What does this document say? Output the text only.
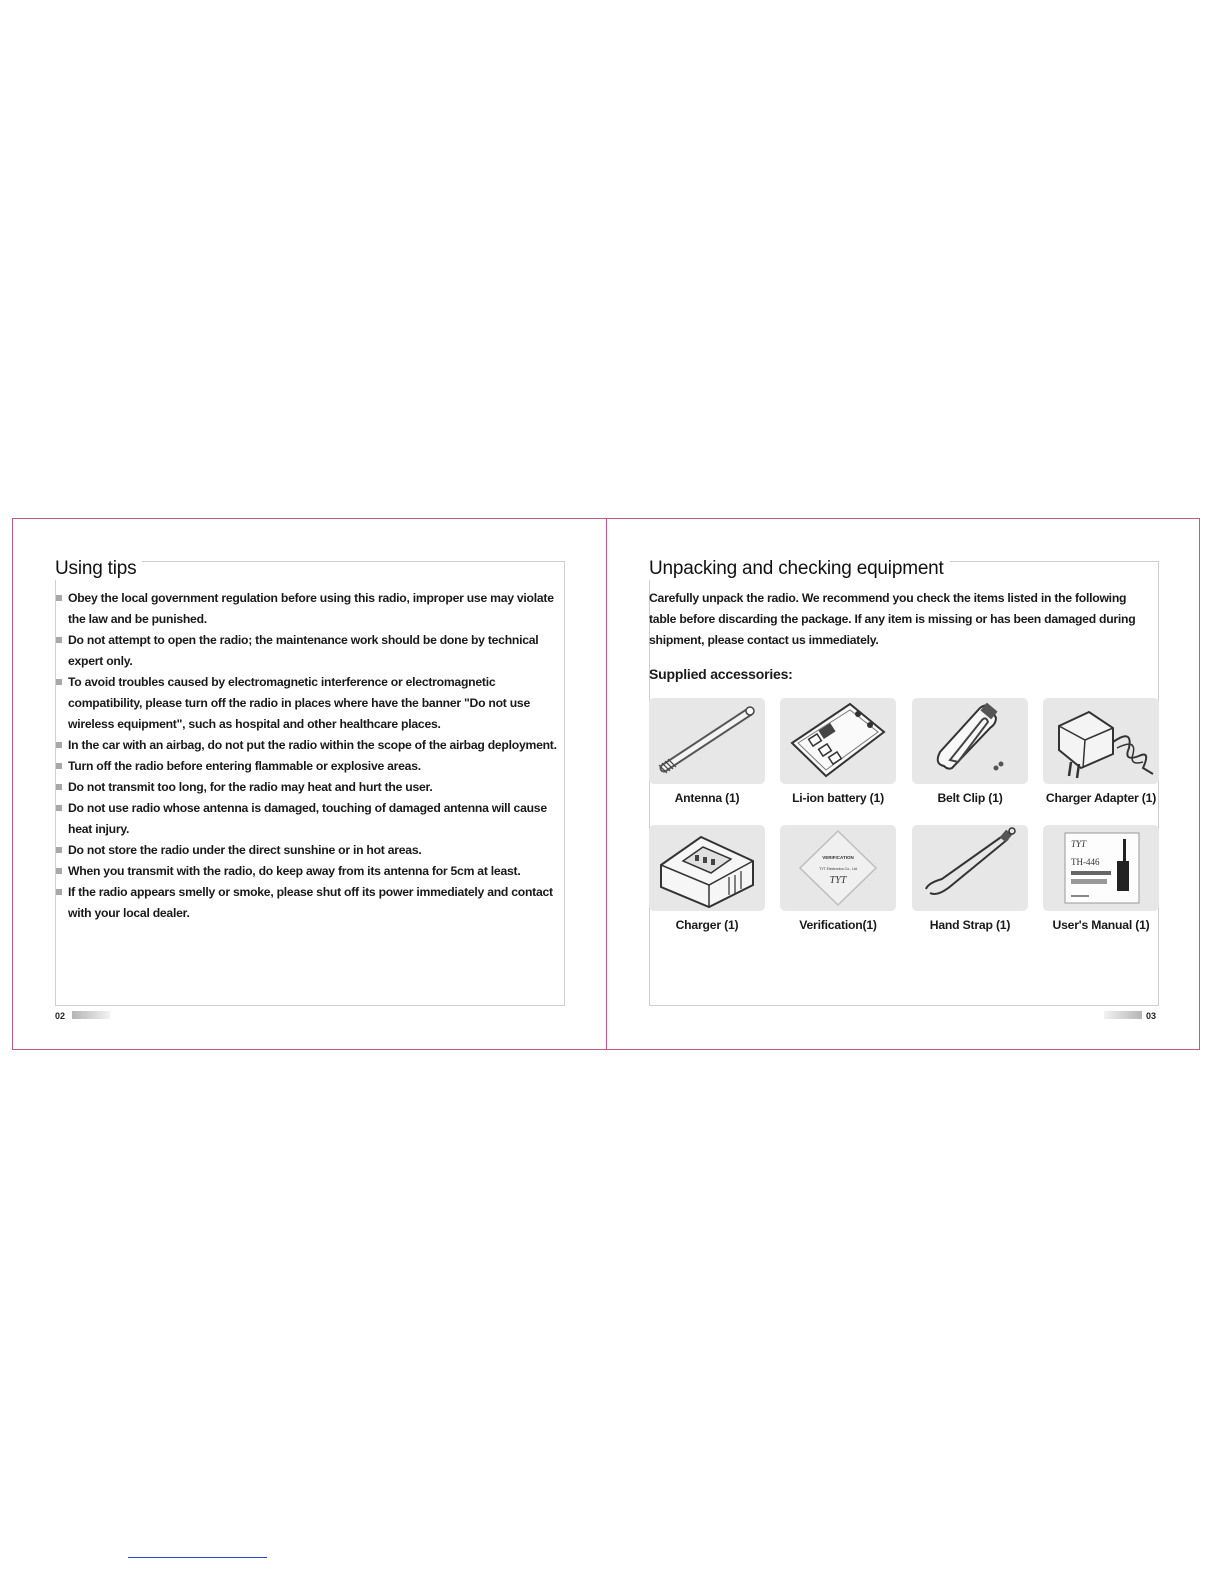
Using tips
Obey the local government regulation before using this radio, improper use may violate
the law and be punished.
Do not attempt to open the radio; the maintenance work should be done by technical
expert only.
To avoid troubles caused by electromagnetic interference or electromagnetic
compatibility, please turn off the radio in places where have the banner "Do not use
wireless equipment", such as hospital and other healthcare places.
In the car with an airbag, do not put the radio within the scope of the airbag deployment.
Turn off the radio before entering flammable or explosive areas.
Do not transmit too long, for the radio may heat and hurt the user.
Do not use radio whose antenna is damaged, touching of damaged antenna will cause
heat injury.
Do not store the radio under the direct sunshine or in hot areas.
When you transmit with the radio, do keep away from its antenna for 5cm at least.
If the radio appears smelly or smoke, please shut off its power immediately and contact
with your local dealer.
02
Unpacking and checking equipment

Carefully unpack the radio. We recommend you check the items listed in the following
table before discarding the package. If any item is missing or has been damaged during
shipment, please contact us immediately.

Supplied accessories:
Antenna (1)	Li-ion battery (1)	Belt Clip (1)	Charger Adapter (1)
Charger (1)
VERIFICATION
TYT Electronics Co., Ltd
TYT
Verification(1)	Hand Strap (1)
TYT
TH-446
User's Manual (1)
03
